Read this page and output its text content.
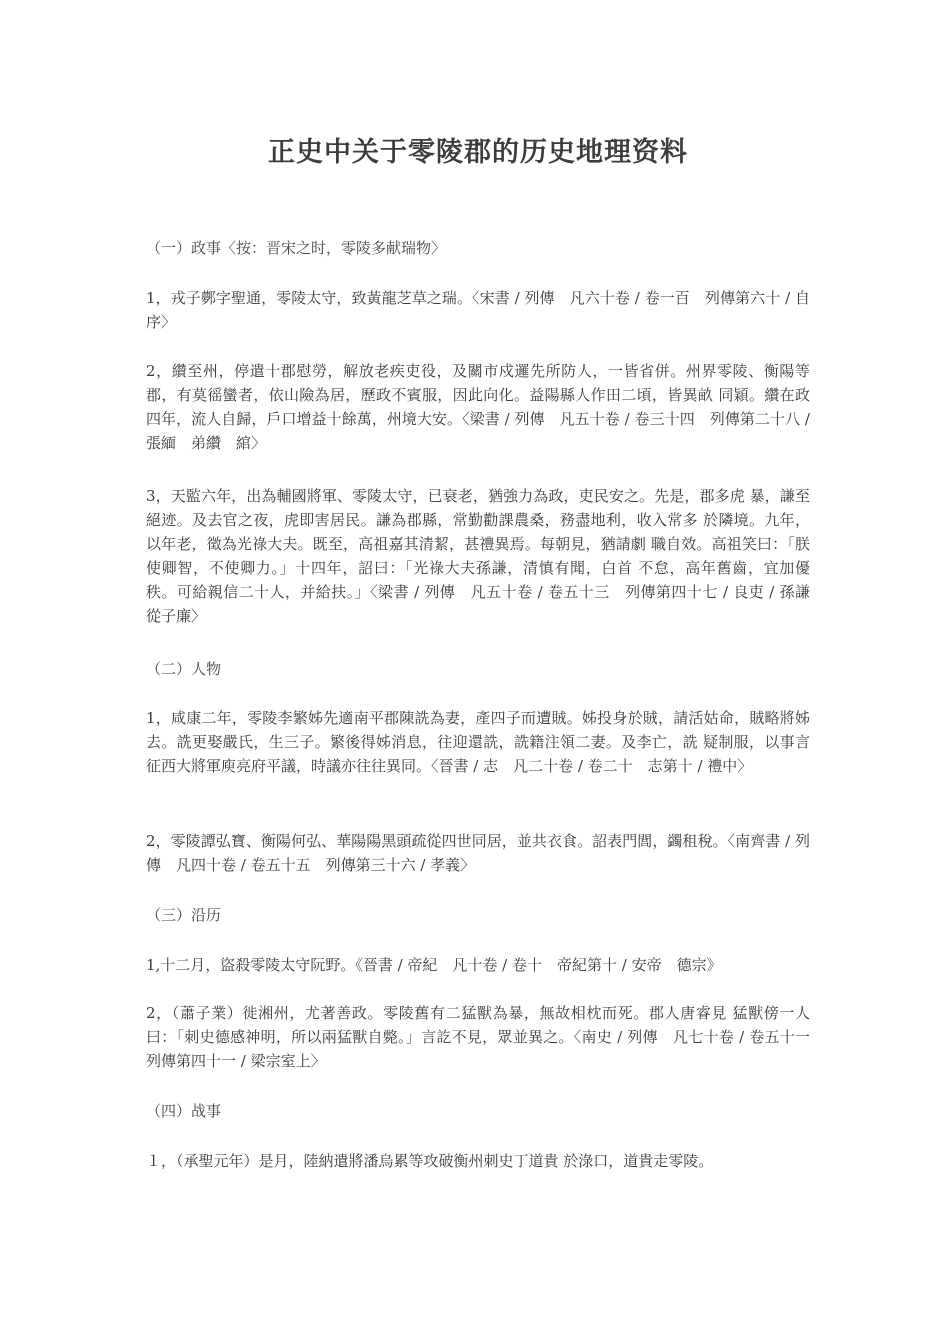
正史中关于零陵郡的历史地理资料

（一）政事〈按：晋宋之时，零陵多献瑞物〉

1，戎子鄸字聖通，零陵太守，致黃龍芝草之瑞。〈宋書 / 列傳　凡六十卷 / 卷一百　列傳第六十 / 自序〉

2，纘至州，停遣十郡慰勞，解放老疾吏役，及關市戍邏先所防人，一皆省併。州界零陵、衡陽等郡，有莫徭蠻者，依山險為居，歷政不賓服，因此向化。益陽縣人作田二頃，皆異畝 同穎。纘在政四年，流人自歸，戶口增益十餘萬，州境大安。〈梁書 / 列傳　凡五十卷 / 卷三十四　列傳第二十八 / 張緬　弟纘　綰〉

3，天監六年，出為輔國將軍、零陵太守，已衰老，猶強力為政，吏民安之。先是，郡多虎 暴，謙至絕迹。及去官之夜，虎即害居民。謙為郡縣，常勤勸課農桑，務盡地利，收入常多 於隣境。九年，以年老，徵為光祿大夫。既至，高祖嘉其清絜，甚禮異焉。每朝見，猶請劇 職自效。高祖笑曰：「朕使卿智，不使卿力。」十四年，詔曰：「光祿大夫孫謙，清慎有聞，白首 不怠，高年舊齒，宜加優秩。可給親信二十人，并給扶。」〈梁書 / 列傳　凡五十卷 / 卷五十三　列傳第四十七 / 良吏 / 孫謙　從子廉〉

（二）人物

1，咸康二年，零陵李繁姊先適南平郡陳詵為妻，產四子而遭賊。姊投身於賊，請活姑命，賊略將姊去。詵更娶嚴氏，生三子。繁後得姊消息，往迎還詵，詵籍注領二妻。及李亡，詵 疑制服，以事言征西大將軍庾亮府平議，時議亦往往異同。〈晉書 / 志　凡二十卷 / 卷二十　志第十 / 禮中〉

2，零陵譚弘寶、衡陽何弘、華陽陽黑頭疏從四世同居，並共衣食。詔表門閭，蠲租稅。〈南齊書 / 列傳　凡四十卷 / 卷五十五　列傳第三十六 / 孝義〉

（三）沿历

1,十二月，盜殺零陵太守阮野。《晉書 / 帝紀　凡十卷 / 卷十　帝紀第十 / 安帝　德宗》

2，（蕭子業）徙湘州，尤著善政。零陵舊有二猛獸為暴，無故相枕而死。郡人唐睿見 猛獸傍一人曰：「刺史德感神明，所以兩猛獸自斃。」言訖不見，眾並異之。〈南史 / 列傳　凡七十卷 / 卷五十一　列傳第四十一 / 梁宗室上〉

（四）战事

１，（承聖元年）是月，陸納遣將潘烏累等攻破衡州刺史丁道貴 於淥口，道貴走零陵。
